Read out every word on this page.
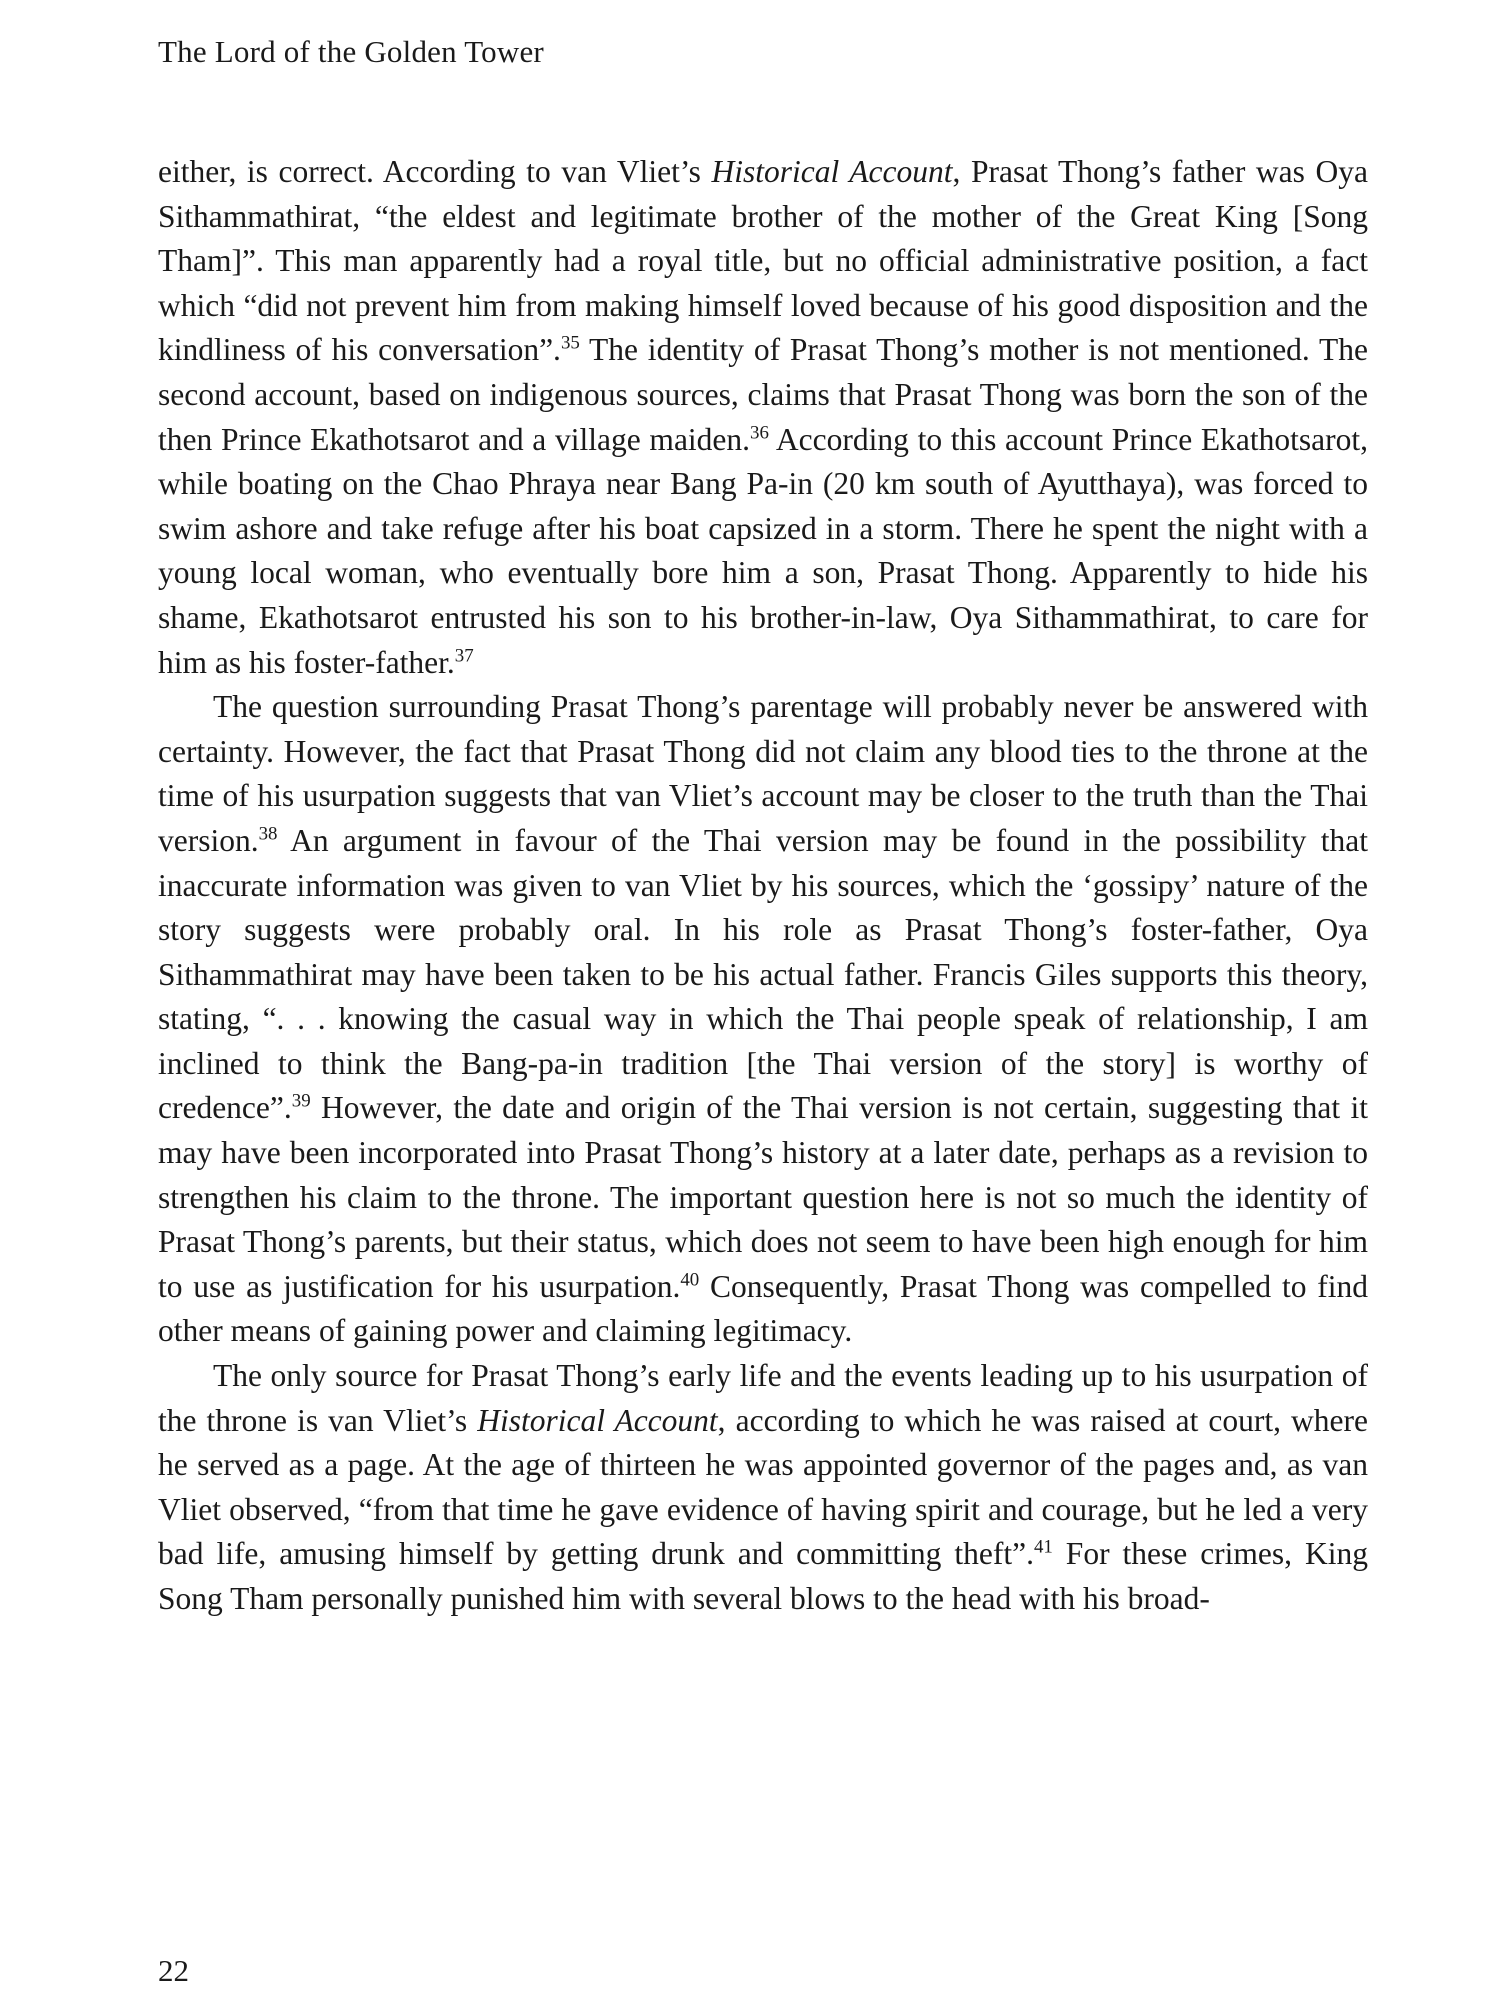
The Lord of the Golden Tower

either, is correct. According to van Vliet’s Historical Account, Prasat Thong’s father was Oya Sithammathirat, “the eldest and legitimate brother of the mother of the Great King [Song Tham]”. This man apparently had a royal title, but no official administrative position, a fact which “did not prevent him from making himself loved because of his good disposition and the kindliness of his conversation”.$^{35}$ The identity of Prasat Thong’s mother is not mentioned. The second account, based on indigenous sources, claims that Prasat Thong was born the son of the then Prince Ekathotsarot and a village maiden.$^{36}$ According to this account Prince Ekathotsarot, while boating on the Chao Phraya near Bang Pa-in (20 km south of Ayutthaya), was forced to swim ashore and take refuge after his boat capsized in a storm. There he spent the night with a young local woman, who eventually bore him a son, Prasat Thong. Apparently to hide his shame, Ekathotsarot entrusted his son to his brother-in-law, Oya Sithammathirat, to care for him as his foster-father.$^{37}$

The question surrounding Prasat Thong’s parentage will probably never be answered with certainty. However, the fact that Prasat Thong did not claim any blood ties to the throne at the time of his usurpation suggests that van Vliet’s account may be closer to the truth than the Thai version.$^{38}$ An argument in favour of the Thai version may be found in the possibility that inaccurate information was given to van Vliet by his sources, which the ‘gossipy’ nature of the story suggests were probably oral. In his role as Prasat Thong’s foster-father, Oya Sithammathirat may have been taken to be his actual father. Francis Giles supports this theory, stating, “. . . knowing the casual way in which the Thai people speak of relationship, I am inclined to think the Bang-pa-in tradition [the Thai version of the story] is worthy of credence”.$^{39}$ However, the date and origin of the Thai version is not certain, suggesting that it may have been incorporated into Prasat Thong’s history at a later date, perhaps as a revision to strengthen his claim to the throne. The important question here is not so much the identity of Prasat Thong’s parents, but their status, which does not seem to have been high enough for him to use as justification for his usurpation.$^{40}$ Consequently, Prasat Thong was compelled to find other means of gaining power and claiming legitimacy.

The only source for Prasat Thong’s early life and the events leading up to his usurpation of the throne is van Vliet’s Historical Account, according to which he was raised at court, where he served as a page. At the age of thirteen he was appointed governor of the pages and, as van Vliet observed, “from that time he gave evidence of having spirit and courage, but he led a very bad life, amusing himself by getting drunk and committing theft”.$^{41}$ For these crimes, King Song Tham personally punished him with several blows to the head with his broad-

22
